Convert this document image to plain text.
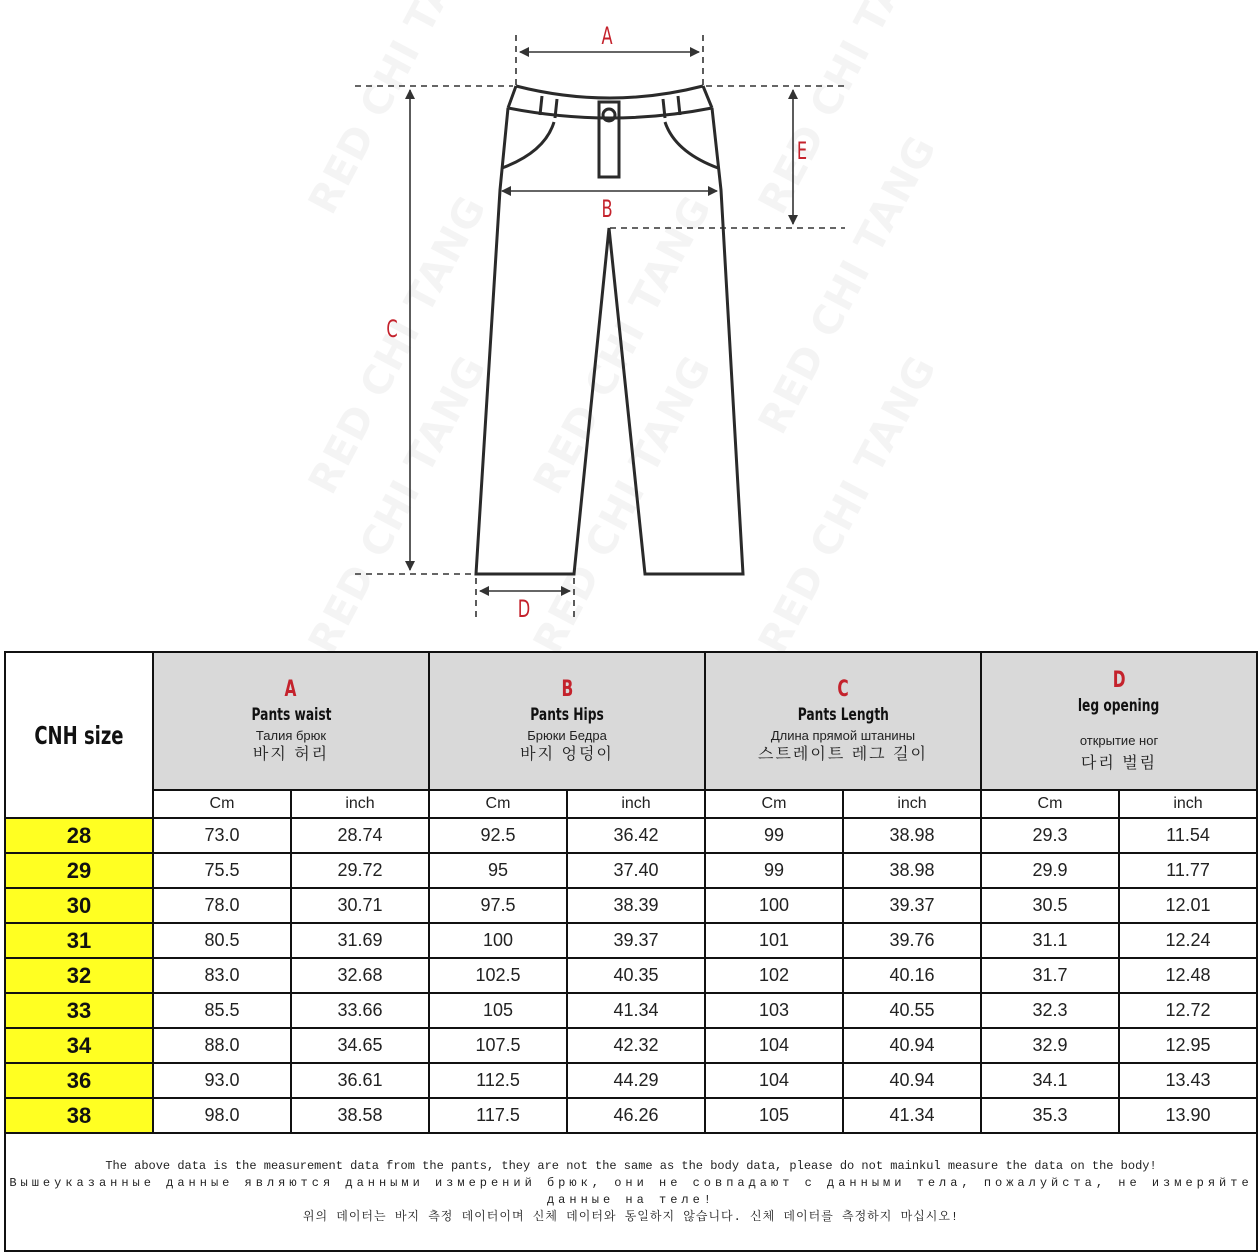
A
B
C
D
E
CNH size	
A
Pants waist
Талия брюк
바지 허리

B
Pants Hips
Брюки Бедра
바지 엉덩이

C
Pants Length
Длина прямой штанины
스트레이트 레그 길이

D
leg opening
открытие ног
다리 벌림

	Cm	inch	Cm	inch	Cm	inch	Cm	inch
28	73.0	28.74	92.5	36.42	99	38.98	29.3	11.54
29	75.5	29.72	95	37.40	99	38.98	29.9	11.77
30	78.0	30.71	97.5	38.39	100	39.37	30.5	12.01
31	80.5	31.69	100	39.37	101	39.76	31.1	12.24
32	83.0	32.68	102.5	40.35	102	40.16	31.7	12.48
33	85.5	33.66	105	41.34	103	40.55	32.3	12.72
34	88.0	34.65	107.5	42.32	104	40.94	32.9	12.95
36	93.0	36.61	112.5	44.29	104	40.94	34.1	13.43
38	98.0	38.58	117.5	46.26	105	41.34	35.3	13.90

The above data is the measurement data from the pants, they are not the same as the body data, please do not mainkul measure the data on the body!
Вышеуказанные данные являются данными измерений брюк, они не совпадают с данными тела, пожалуйста, не измеряйте данные на теле!
위의 데이터는 바지 측정 데이터이며 신체 데이터와 동일하지 않습니다. 신체 데이터를 측정하지 마십시오!								
